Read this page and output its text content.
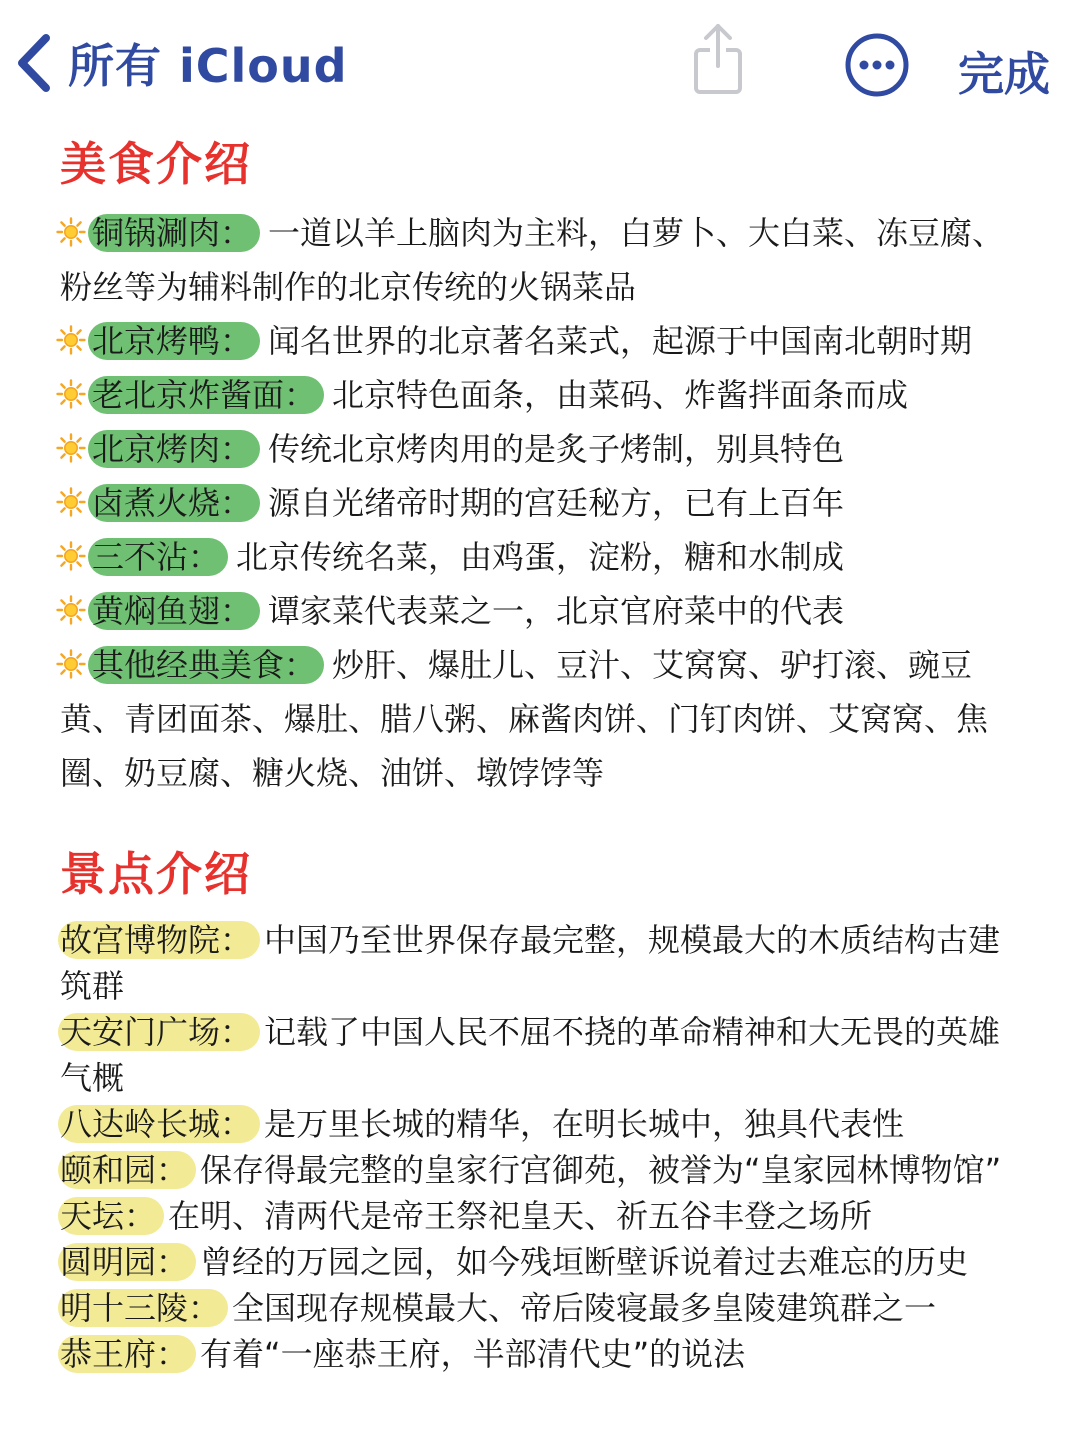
所有 iCloud	完成
美食介绍

铜锅涮肉： 一道以羊上脑肉为主料，白萝卜、大白菜、冻豆腐、粉丝等为辅料制作的北京传统的火锅菜品

北京烤鸭： 闻名世界的北京著名菜式，起源于中国南北朝时期

老北京炸酱面： 北京特色面条，由菜码、炸酱拌面条而成

北京烤肉： 传统北京烤肉用的是炙子烤制，别具特色

卤煮火烧： 源自光绪帝时期的宫廷秘方，已有上百年

三不沾： 北京传统名菜，由鸡蛋，淀粉，糖和水制成

黄焖鱼翅： 谭家菜代表菜之一，北京官府菜中的代表

其他经典美食： 炒肝、爆肚儿、豆汁、艾窝窝、驴打滚、豌豆黄、青团面茶、爆肚、腊八粥、麻酱肉饼、门钉肉饼、艾窝窝、焦圈、奶豆腐、糖火烧、油饼、墩饽饽等

景点介绍

故宫博物院： 中国乃至世界保存最完整，规模最大的木质结构古建筑群

天安门广场： 记载了中国人民不屈不挠的革命精神和大无畏的英雄气概

八达岭长城： 是万里长城的精华，在明长城中，独具代表性

颐和园： 保存得最完整的皇家行宫御苑，被誉为“皇家园林博物馆”

天坛： 在明、清两代是帝王祭祀皇天、祈五谷丰登之场所

圆明园： 曾经的万园之园，如今残垣断壁诉说着过去难忘的历史

明十三陵： 全国现存规模最大、帝后陵寝最多皇陵建筑群之一

恭王府： 有着“一座恭王府，半部清代史”的说法
